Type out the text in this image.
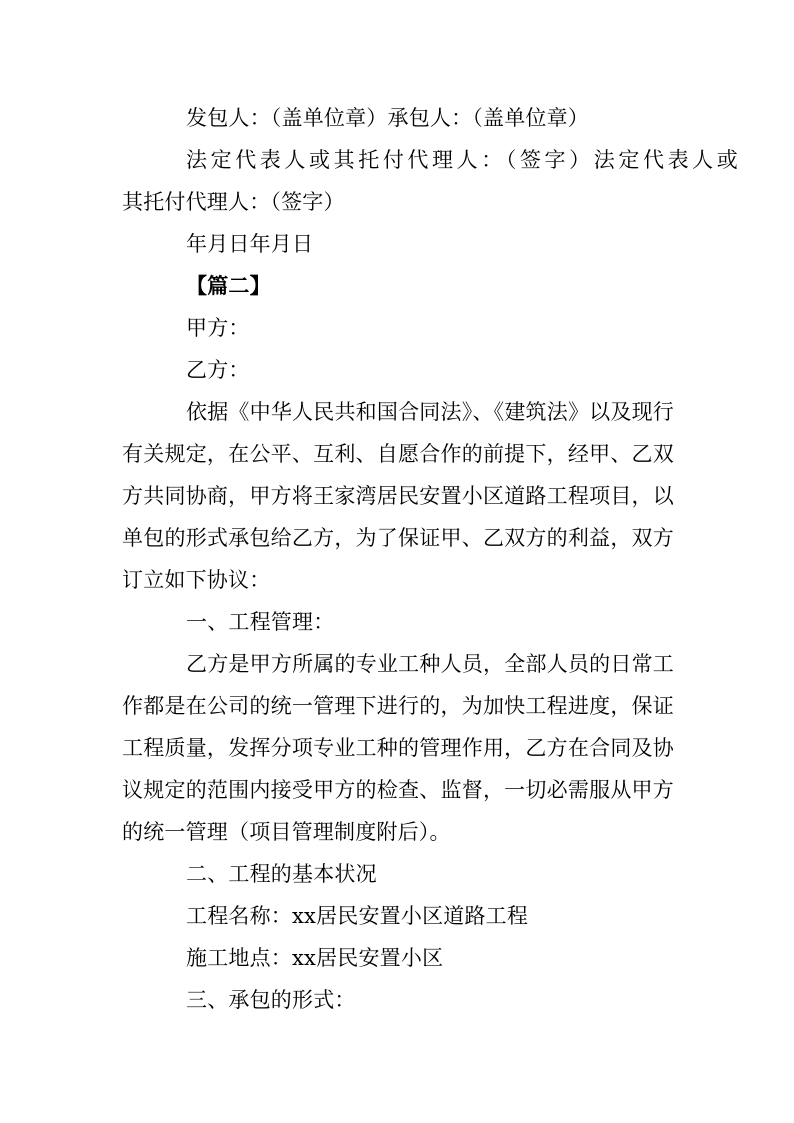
发包人：（盖单位章）承包人：（盖单位章）
法定代表人或其托付代理人：（签字）法定代表人或
其托付代理人：（签字）
年月日年月日
【篇二】
甲方：
乙方：
依据《中华人民共和国合同法》、《建筑法》以及现行
有关规定，在公平、互利、自愿合作的前提下，经甲、乙双
方共同协商，甲方将王家湾居民安置小区道路工程项目，以
单包的形式承包给乙方，为了保证甲、乙双方的利益，双方
订立如下协议：
一、工程管理：
乙方是甲方所属的专业工种人员，全部人员的日常工
作都是在公司的统一管理下进行的，为加快工程进度，保证
工程质量，发挥分项专业工种的管理作用，乙方在合同及协
议规定的范围内接受甲方的检查、监督，一切必需服从甲方
的统一管理（项目管理制度附后）。
二、工程的基本状况
工程名称：xx居民安置小区道路工程
施工地点：xx居民安置小区
三、承包的形式：
